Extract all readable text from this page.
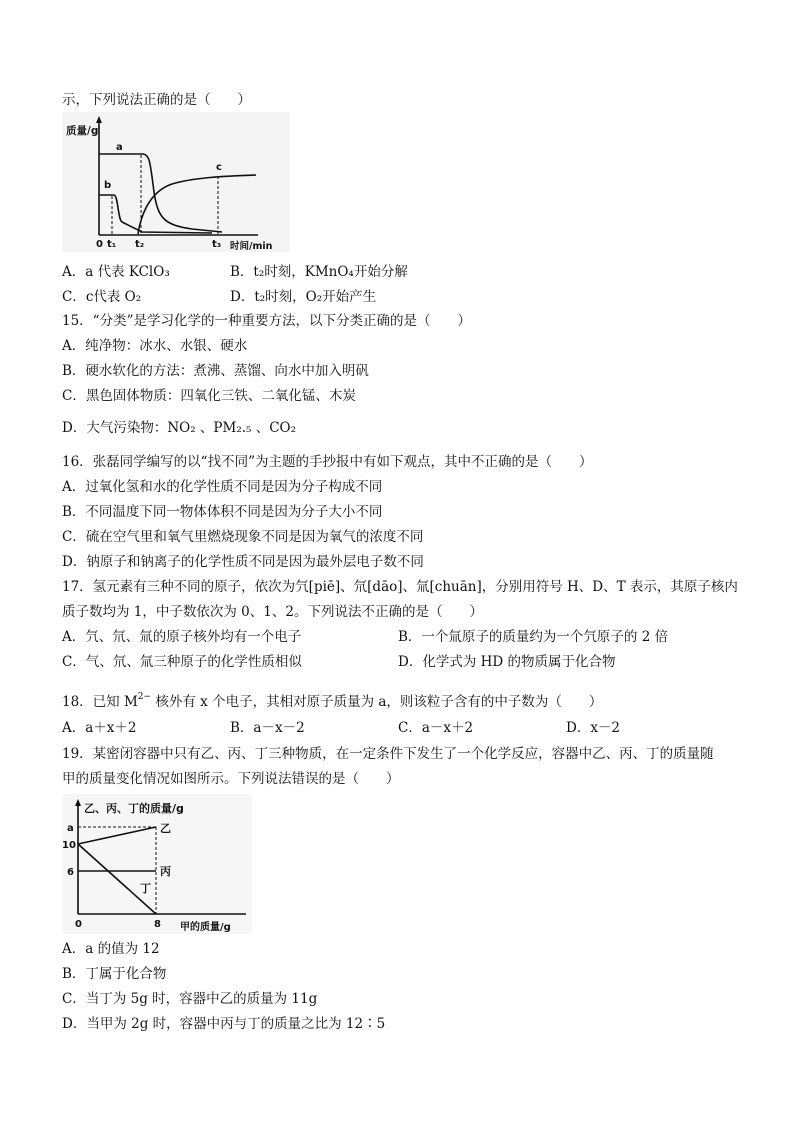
示，下列说法正确的是（　　）
质量/g
时间/min
0 t₁ t₂	t₃
a
b
c
A．a 代表 KClO₃	B．t₂时刻，KMnO₄开始分解
C．c代表 O₂	D．t₂时刻，O₂开始产生
15．“分类”是学习化学的一种重要方法，以下分类正确的是（　　）
A．纯净物：冰水、水银、硬水
B．硬水软化的方法：煮沸、蒸馏、向水中加入明矾
C．黑色固体物质：四氧化三铁、二氧化锰、木炭
D．大气污染物：NO₂ 、PM₂.₅ 、CO₂
16．张磊同学编写的以“找不同”为主题的手抄报中有如下观点，其中不正确的是（　　）
A．过氧化氢和水的化学性质不同是因为分子构成不同
B．不同温度下同一物体体积不同是因为分子大小不同
C．硫在空气里和氧气里燃烧现象不同是因为氧气的浓度不同
D．钠原子和钠离子的化学性质不同是因为最外层电子数不同
17．氢元素有三种不同的原子，依次为氕[piē]、氘[dāo]、氚[chuān]，分别用符号 H、D、T 表示，其原子核内
质子数均为 1，中子数依次为 0、1、2。下列说法不正确的是（　　）
A．氕、氘、氚的原子核外均有一个电子	B．一个氚原子的质量约为一个氕原子的 2 倍
C．气、氘、氚三种原子的化学性质相似	D．化学式为 HD 的物质属于化合物
18．已知 $M^{2-}$ 核外有 x 个电子，其相对原子质量为 a，则该粒子含有的中子数为（　　）
A．a＋x＋2	B．a－x－2	C．a－x＋2	D．x－2
19．某密闭容器中只有乙、丙、丁三种物质，在一定条件下发生了一个化学反应，容器中乙、丙、丁的质量随
甲的质量变化情况如图所示。下列说法错误的是（　　）
乙、丙、丁的质量/g
甲的质量/g
a
10
6
0	8
乙
丙
丁
A．a 的值为 12
B．丁属于化合物
C．当丁为 5g 时，容器中乙的质量为 11g
D．当甲为 2g 时，容器中丙与丁的质量之比为 12∶5
